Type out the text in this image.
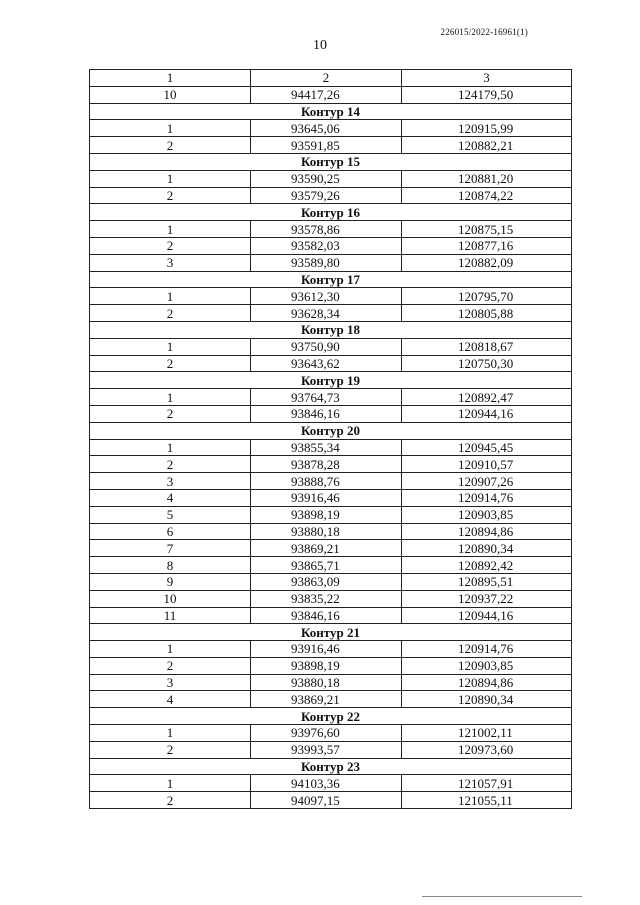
226015/2022-16961(1)
10
1	2	3
10	94417,26	124179,50
Контур 14		
1	93645,06	120915,99
2	93591,85	120882,21
Контур 15		
1	93590,25	120881,20
2	93579,26	120874,22
Контур 16		
1	93578,86	120875,15
2	93582,03	120877,16
3	93589,80	120882,09
Контур 17		
1	93612,30	120795,70
2	93628,34	120805,88
Контур 18		
1	93750,90	120818,67
2	93643,62	120750,30
Контур 19		
1	93764,73	120892,47
2	93846,16	120944,16
Контур 20		
1	93855,34	120945,45
2	93878,28	120910,57
3	93888,76	120907,26
4	93916,46	120914,76
5	93898,19	120903,85
6	93880,18	120894,86
7	93869,21	120890,34
8	93865,71	120892,42
9	93863,09	120895,51
10	93835,22	120937,22
11	93846,16	120944,16
Контур 21		
1	93916,46	120914,76
2	93898,19	120903,85
3	93880,18	120894,86
4	93869,21	120890,34
Контур 22		
1	93976,60	121002,11
2	93993,57	120973,60
Контур 23		
1	94103,36	121057,91
2	94097,15	121055,11
